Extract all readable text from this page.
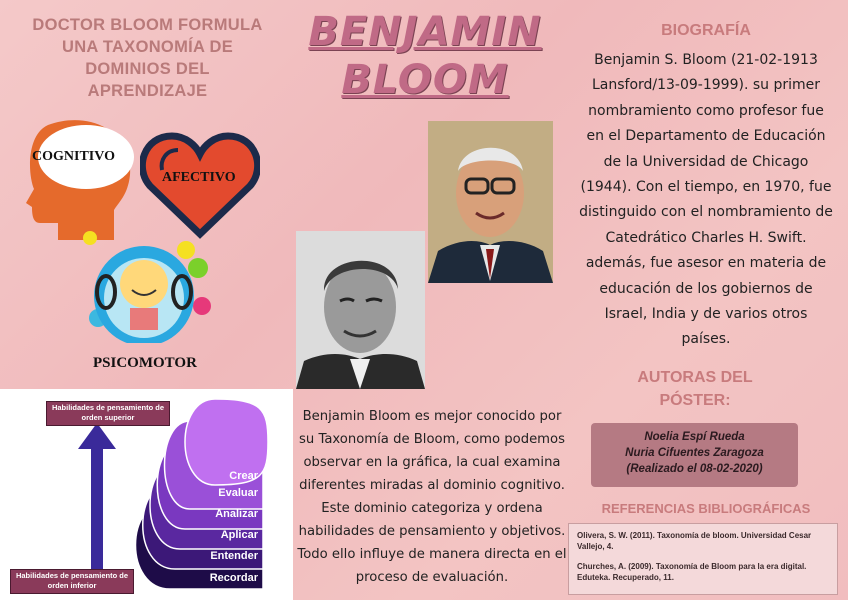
DOCTOR BLOOM FORMULA UNA TAXONOMÍA DE DOMINIOS DEL APRENDIZAJE
BENJAMIN
BLOOM
COGNITIVO
AFECTIVO
PSICOMOTOR
BIOGRAFÍA
Benjamin S. Bloom (21-02-1913 Lansford/13-09-1999). su primer nombramiento como profesor fue en el Departamento de Educación de la Universidad de Chicago (1944). Con el tiempo, en 1970, fue distinguido con el nombramiento de Catedrático Charles H. Swift. además, fue asesor en materia de educación de los gobiernos de Israel, India y de varios otros países.
AUTORAS DEL PÓSTER:
Noelia Espí Rueda
Nuria Cifuentes Zaragoza
(Realizado el 08-02-2020)
REFERENCIAS BIBLIOGRÁFICAS

Olivera, S. W. (2011). Taxonomía de bloom. Universidad Cesar Vallejo, 4.

Churches, A. (2009). Taxonomía de Bloom para la era digital. Eduteka. Recuperado, 11.

Benjamin Bloom es mejor conocido por su Taxonomía de Bloom, como podemos observar en la gráfica, la cual examina diferentes miradas al dominio cognitivo. Este dominio categoriza y ordena habilidades de pensamiento y objetivos. Todo ello influye de manera directa en el proceso de evaluación.
Habilidades de pensamiento de orden superior
Habilidades de pensamiento de orden inferior
Crear
Evaluar
Analizar
Aplicar
Entender
Recordar
